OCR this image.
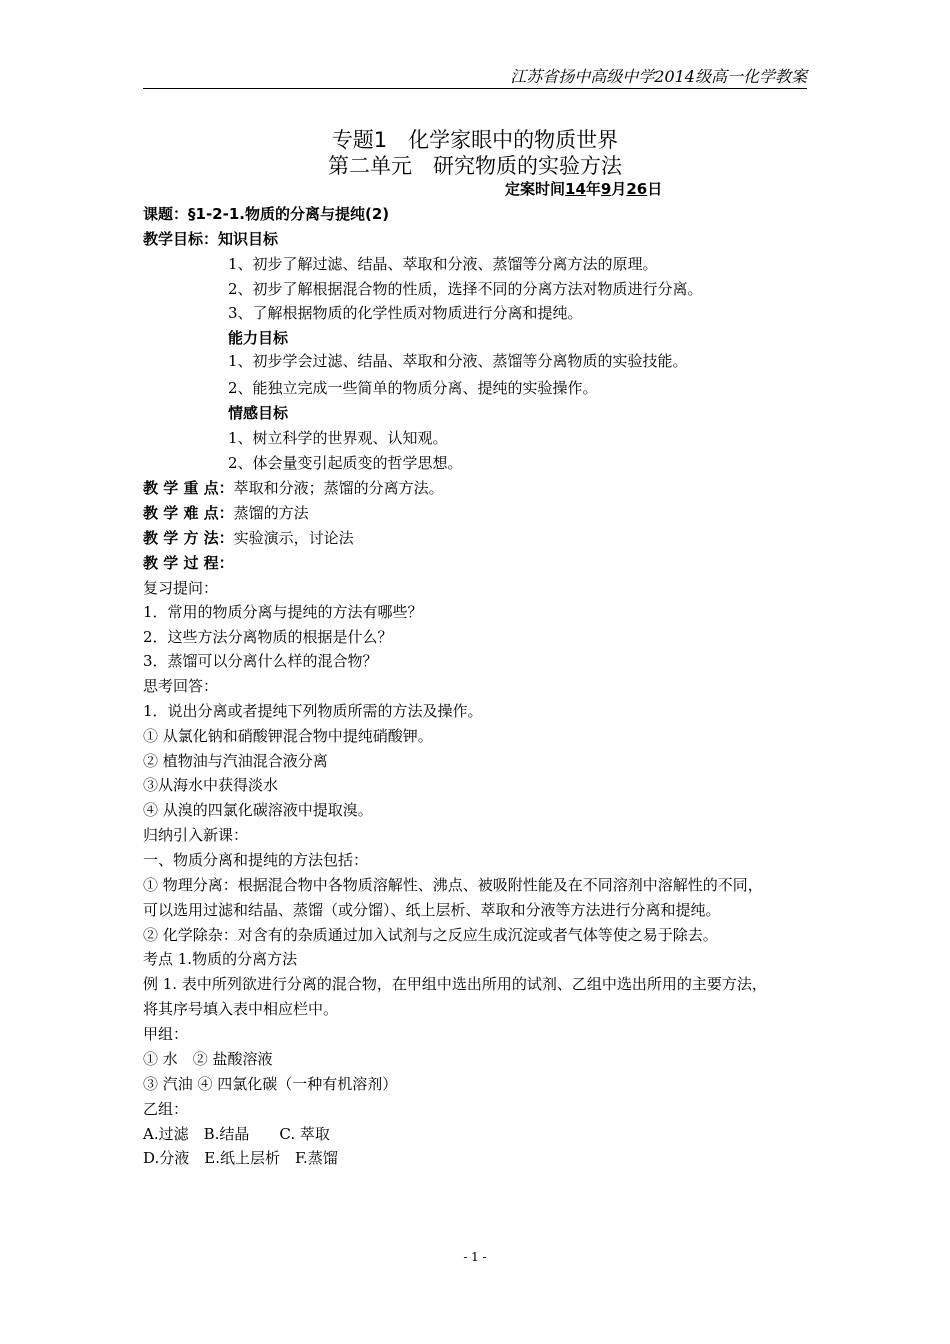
江苏省扬中高级中学2014级高一化学教案
专题1　化学家眼中的物质世界
第二单元　研究物质的实验方法
定案时间14年9月26日
课题：§1-2-1.物质的分离与提纯(2)
教学目标：知识目标
1、初步了解过滤、结晶、萃取和分液、蒸馏等分离方法的原理。
2、初步了解根据混合物的性质，选择不同的分离方法对物质进行分离。
3、了解根据物质的化学性质对物质进行分离和提纯。
能力目标
1、初步学会过滤、结晶、萃取和分液、蒸馏等分离物质的实验技能。
2、能独立完成一些简单的物质分离、提纯的实验操作。
情感目标
1、树立科学的世界观、认知观。
2、体会量变引起质变的哲学思想。
教 学 重 点：萃取和分液；蒸馏的分离方法。
教 学 难 点：蒸馏的方法
教 学 方 法：实验演示，讨论法
教 学 过 程：
复习提问：
1．常用的物质分离与提纯的方法有哪些？
2．这些方法分离物质的根据是什么？
3．蒸馏可以分离什么样的混合物？
思考回答：
1．说出分离或者提纯下列物质所需的方法及操作。
① 从氯化钠和硝酸钾混合物中提纯硝酸钾。
② 植物油与汽油混合液分离
③从海水中获得淡水
④ 从溴的四氯化碳溶液中提取溴。
归纳引入新课：
一、物质分离和提纯的方法包括：
① 物理分离：根据混合物中各物质溶解性、沸点、被吸附性能及在不同溶剂中溶解性的不同，
可以选用过滤和结晶、蒸馏（或分馏）、纸上层析、萃取和分液等方法进行分离和提纯。
② 化学除杂：对含有的杂质通过加入试剂与之反应生成沉淀或者气体等使之易于除去。
考点 1.物质的分离方法
例 1. 表中所列欲进行分离的混合物，在甲组中选出所用的试剂、乙组中选出所用的主要方法，
将其序号填入表中相应栏中。
甲组：
① 水　② 盐酸溶液
③ 汽油 ④ 四氯化碳（一种有机溶剂）
乙组：
A.过滤　B.结晶　　C. 萃取
D.分液　E.纸上层析　F.蒸馏
- 1 -
